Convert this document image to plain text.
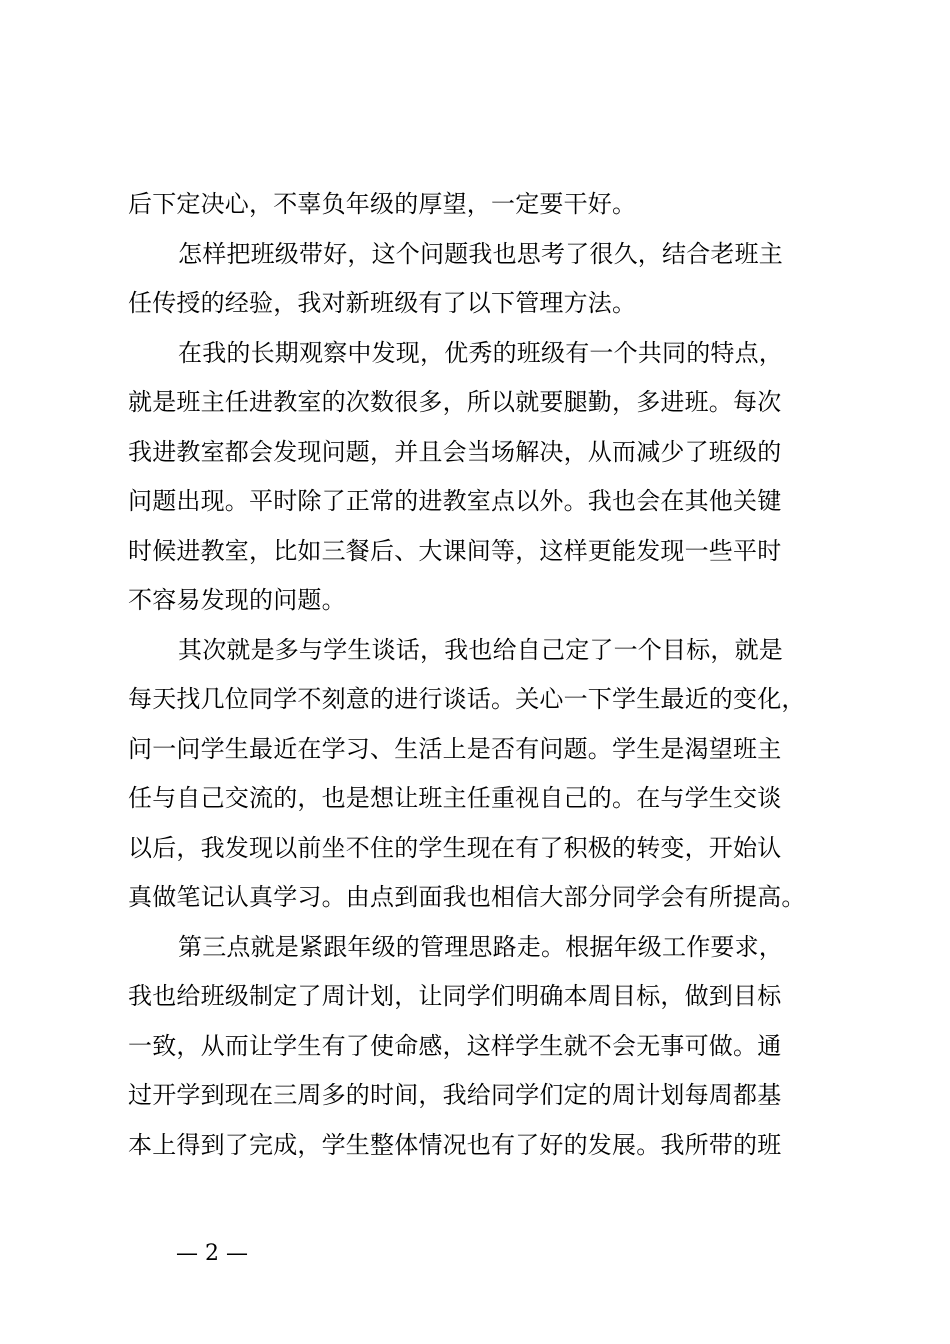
后下定决心，不辜负年级的厚望，一定要干好。
怎样把班级带好，这个问题我也思考了很久，结合老班主
任传授的经验，我对新班级有了以下管理方法。
在我的长期观察中发现，优秀的班级有一个共同的特点，
就是班主任进教室的次数很多，所以就要腿勤，多进班。每次
我进教室都会发现问题，并且会当场解决，从而减少了班级的
问题出现。平时除了正常的进教室点以外。我也会在其他关键
时候进教室，比如三餐后、大课间等，这样更能发现一些平时
不容易发现的问题。
其次就是多与学生谈话，我也给自己定了一个目标，就是
每天找几位同学不刻意的进行谈话。关心一下学生最近的变化，
问一问学生最近在学习、生活上是否有问题。学生是渴望班主
任与自己交流的，也是想让班主任重视自己的。在与学生交谈
以后，我发现以前坐不住的学生现在有了积极的转变，开始认
真做笔记认真学习。由点到面我也相信大部分同学会有所提高。
第三点就是紧跟年级的管理思路走。根据年级工作要求，
我也给班级制定了周计划，让同学们明确本周目标，做到目标
一致，从而让学生有了使命感，这样学生就不会无事可做。通
过开学到现在三周多的时间，我给同学们定的周计划每周都基
本上得到了完成，学生整体情况也有了好的发展。我所带的班
— 2 —
